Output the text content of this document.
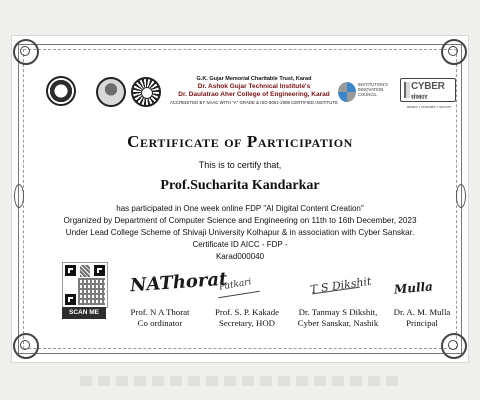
G.K. Gujar Memorial Charitable Trust, Karad
Dr. Ashok Gujar Technical Institute's
Dr. Daulatrao Aher College of Engineering, Karad
ACCREDITED BY NAAC WITH "A" GRADE & ISO 9001-2008 CERTIFIED INSTITUTE
INSTITUTION'S INNOVATION COUNCIL
CYBER
संस्कार
aware • educate • secure
Certificate of Participation
This is to certify that,
Prof.Sucharita Kandarkar
has participated in One week online FDP "AI Digital Content Creation"
Organized by Department of Computer Science and Engineering on 11th to 16th December, 2023
Under Lead College Scheme of Shivaji University Kolhapur & in association with Cyber Sanskar.
Certificate ID AICC - FDP -
Karad000040
SCAN ME
NAThorat
Patkari	T S Dikshit Mulla
Prof. N A Thorat
Co ordinator
Prof. S. P. Kakade
Secretary, HOD
Dr. Tanmay S Dikshit,
Cyber Sanskar, Nashik
Dr. A. M. Mulla
Principal
